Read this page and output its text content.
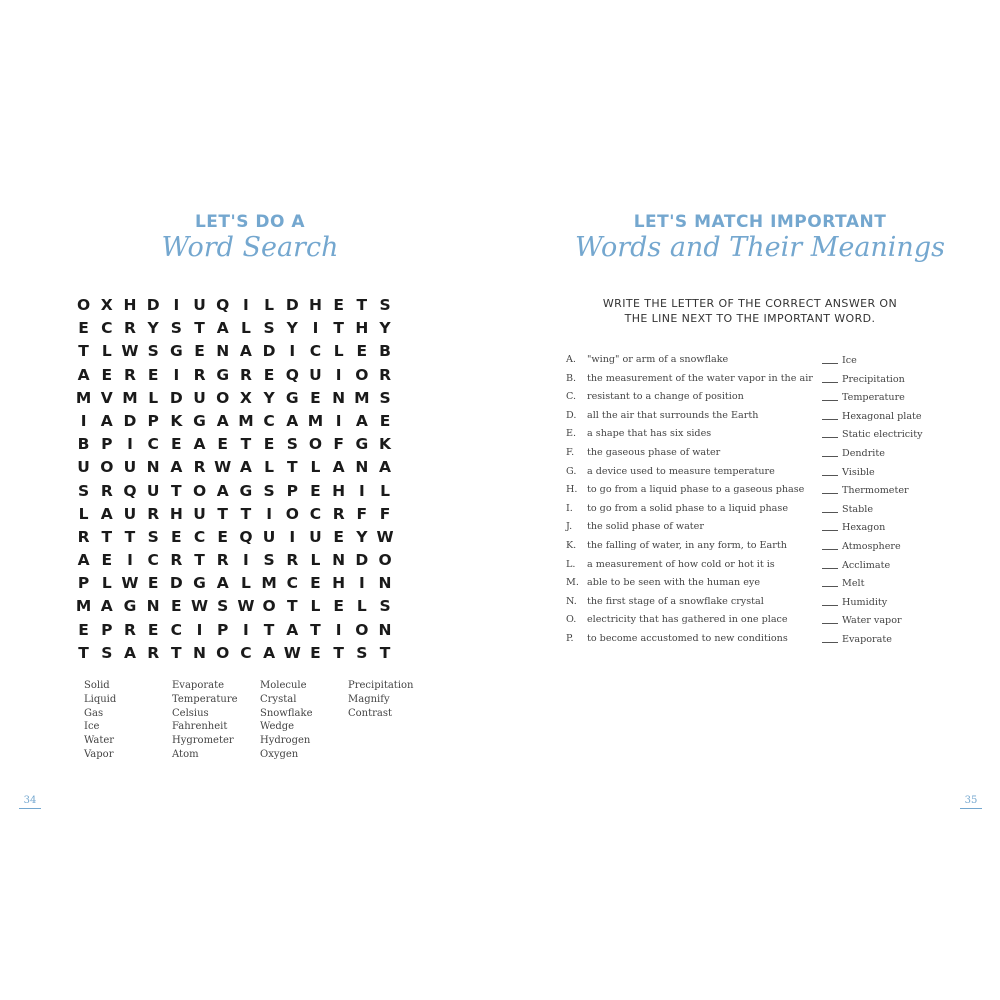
LET'S DO A
Word Search
O X H D I U Q I L D H E T S
E C R Y S T A L S Y I T H Y
T L W S G E N A D I C L E B
A E R E I R G R E Q U I O R
M V M L D U O X Y G E N M S
I A D P K G A M C A M I A E
B P I C E A E T E S O F G K
U O U N A R W A L T L A N A
S R Q U T O A G S P E H I L
L A U R H U T T I O C R F F
R T T S E C E Q U I U E Y W
A E I C R T R I S R L N D O
P L W E D G A L M C E H I N
M A G N E W S W O T L E L S
E P R E C I P I T A T I O N
T S A R T N O C A W E T S T
Solid
Liquid
Gas
Ice
Water
Vapor
Evaporate
Temperature
Celsius
Fahrenheit
Hygrometer
Atom
Molecule
Crystal
Snowflake
Wedge
Hydrogen
Oxygen
Precipitation
Magnify
Contrast
34
LET'S MATCH IMPORTANT
Words and Their Meanings
WRITE THE LETTER OF THE CORRECT ANSWER ON THE LINE NEXT TO THE IMPORTANT WORD.
A. "wing" or arm of a snowflake
B. the measurement of the water vapor in the air
C. resistant to a change of position
D. all the air that surrounds the Earth
E. a shape that has six sides
F. the gaseous phase of water
G. a device used to measure temperature
H. to go from a liquid phase to a gaseous phase
I. to go from a solid phase to a liquid phase
J. the solid phase of water
K. the falling of water, in any form, to Earth
L. a measurement of how cold or hot it is
M. able to be seen with the human eye
N. the first stage of a snowflake crystal
O. electricity that has gathered in one place
P. to become accustomed to new conditions
Ice
Precipitation
Temperature
Hexagonal plate
Static electricity
Dendrite
Visible
Thermometer
Stable
Hexagon
Atmosphere
Acclimate
Melt
Humidity
Water vapor
Evaporate
35
